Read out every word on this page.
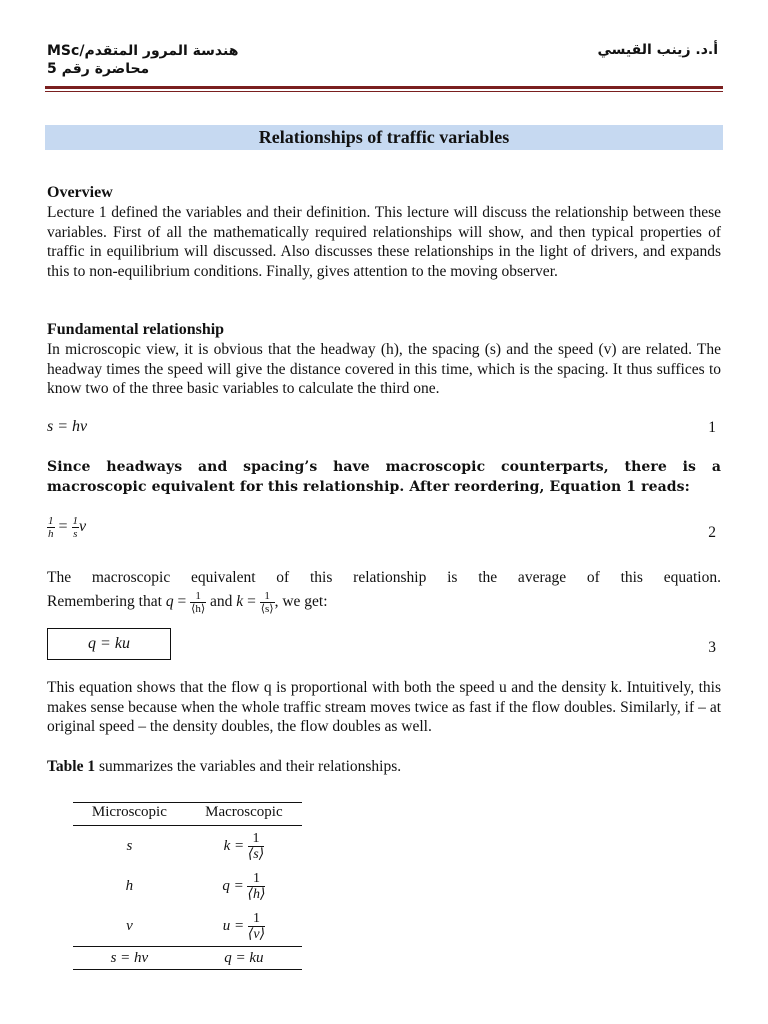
MSc/هندسة المرور المتقدم
محاضرة رقم 5
أ.د. زينب القيسي
Relationships of traffic variables
Overview
Lecture 1 defined the variables and their definition. This lecture will discuss the relationship between these variables. First of all the mathematically required relationships will show, and then typical properties of traffic in equilibrium will discussed. Also discusses these relationships in the light of drivers, and expands this to non-equilibrium conditions. Finally, gives attention to the moving observer.
Fundamental relationship
In microscopic view, it is obvious that the headway (h), the spacing (s) and the speed (v) are related. The headway times the speed will give the distance covered in this time, which is the spacing. It thus suffices to know two of the three basic variables to calculate the third one.
s = hv	1
Since headways and spacing’s have macroscopic counterparts, there is a macroscopic equivalent for this relationship. After reordering, Equation 1 reads:
$\frac{1}{h} = \frac{1}{s}$ v	2
The macroscopic equivalent of this relationship is the average of this equation.
Remembering that $q = \frac{1}{⟨h⟩}$ and $k = \frac{1}{⟨s⟩}$ , we get:
q = ku	3
This equation shows that the flow q is proportional with both the speed u and the density k. Intuitively, this makes sense because when the whole traffic stream moves twice as fast if the flow doubles. Similarly, if – at original speed – the density doubles, the flow doubles as well.
Table 1 summarizes the variables and their relationships.
Microscopic	Macroscopic
s	$k = \frac{1}{⟨s⟩}$

h	$q = \frac{1}{⟨h⟩}$

v	$u = \frac{1}{⟨v⟩}$

s = hv	q = ku
